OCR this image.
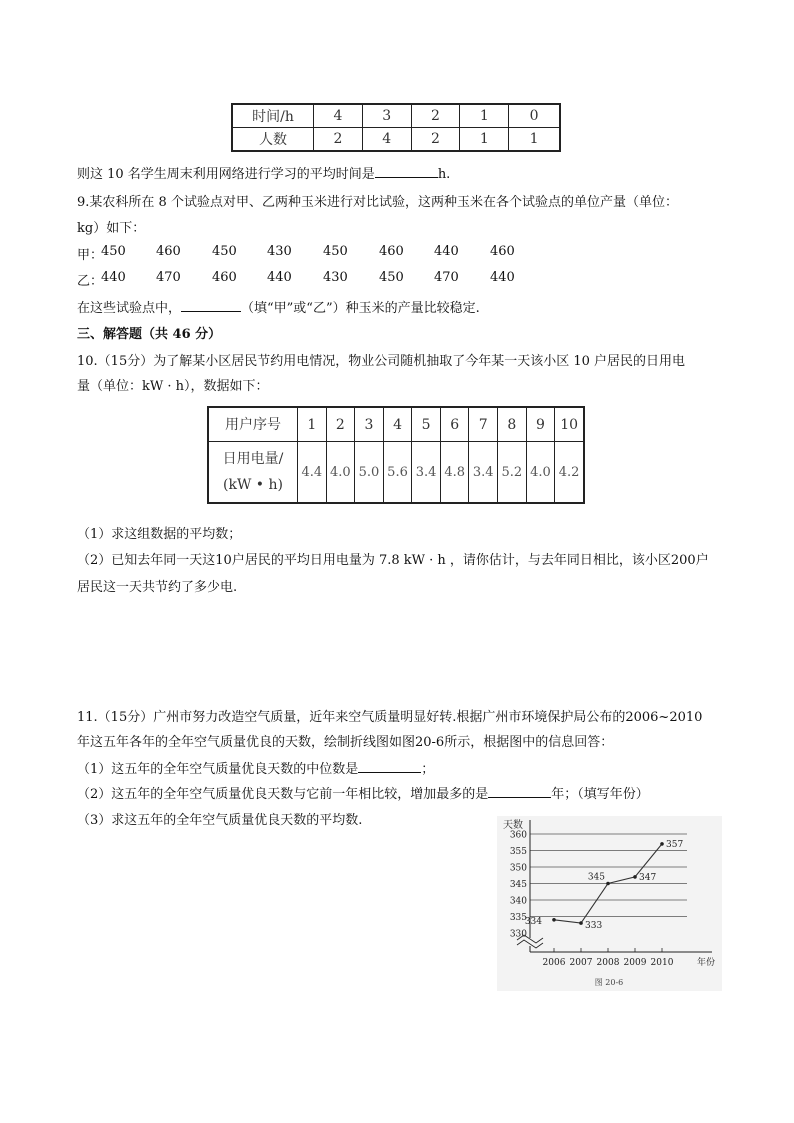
时间/h	4	3	2	1	0
人数	2	4	2	1	1
则这 10 名学生周末利用网络进行学习的平均时间是	h.
9.某农科所在 8 个试验点对甲、乙两种玉米进行对比试验，这两种玉米在各个试验点的单位产量（单位：
kg）如下：
甲：
450 460 450 430 450 460 440 460
乙：
440 470 460 440 430 450 470 440
在这些试验点中，	（填“甲”或“乙”）种玉米的产量比较稳定.
三、解答题（共 46 分）
10.（15分）为了解某小区居民节约用电情况，物业公司随机抽取了今年某一天该小区 10 户居民的日用电
量（单位：kW · h），数据如下：
用户序号	1	2	3	4	5	6	7	8	9	10

日用电量/
(kW • h)	4.4	4.0	5.0	5.6	3.4	4.8	3.4	5.2	4.0	4.2
（1）求这组数据的平均数；
（2）已知去年同一天这10户居民的平均日用电量为 7.8 kW · h ，请你估计，与去年同日相比，该小区200户
居民这一天共节约了多少电.
11.（15分）广州市努力改造空气质量，近年来空气质量明显好转.根据广州市环境保护局公布的2006~2010
年这五年各年的全年空气质量优良的天数，绘制折线图如图20-6所示，根据图中的信息回答：
（1）这五年的全年空气质量优良天数的中位数是	；
（2）这五年的全年空气质量优良天数与它前一年相比较，增加最多的是	年；（填写年份）
（3）求这五年的全年空气质量优良天数的平均数.
330
335
340
345
350
355
360
天数
年份
2006 2007 2008 2009 2010
334	333
345	347
357
图 20-6
